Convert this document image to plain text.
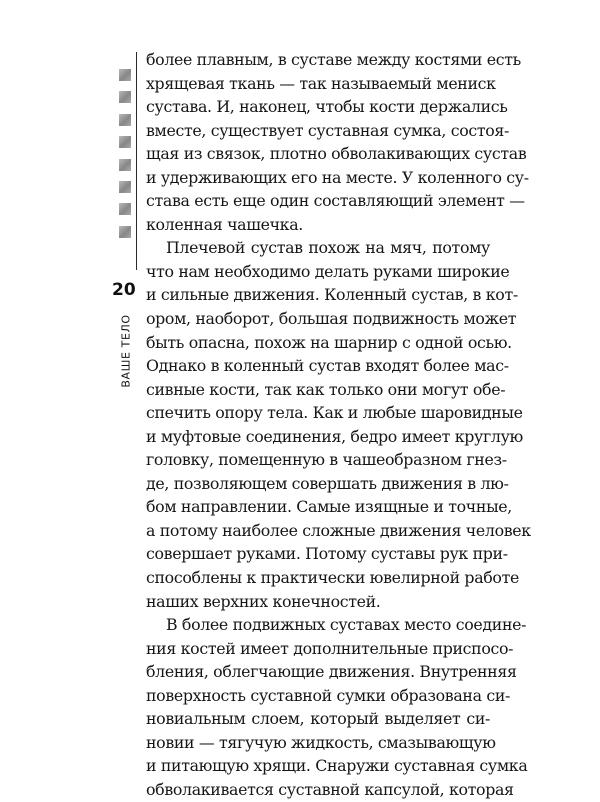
20
ВАШЕ ТЕЛО
более плавным, в суставе между костями есть
хрящевая ткань — так называемый мениск
сустава. И, наконец, чтобы кости держались
вместе, существует суставная сумка, состоя-
щая из связок, плотно обволакивающих сустав
и удерживающих его на месте. У коленного су-
става есть еще один составляющий элемент —
коленная чашечка.
Плечевой сустав похож на мяч, потому
что нам необходимо делать руками широкие
и сильные движения. Коленный сустав, в кот-
ором, наоборот, большая подвижность может
быть опасна, похож на шарнир с одной осью.
Однако в коленный сустав входят более мас-
сивные кости, так как только они могут обе-
спечить опору тела. Как и любые шаровидные
и муфтовые соединения, бедро имеет круглую
головку, помещенную в чашеобразном гнез-
де, позволяющем совершать движения в лю-
бом направлении. Самые изящные и точные,
а потому наиболее сложные движения человек
совершает руками. Потому суставы рук при-
способлены к практически ювелирной работе
наших верхних конечностей.
В более подвижных суставах место соедине-
ния костей имеет дополнительные приспосо-
бления, облегчающие движения. Внутренняя
поверхность суставной сумки образована си-
новиальным слоем, который выделяет си-
новии — тягучую жидкость, смазывающую
и питающую хрящи. Снаружи суставная сумка
обволакивается суставной капсулой, которая
